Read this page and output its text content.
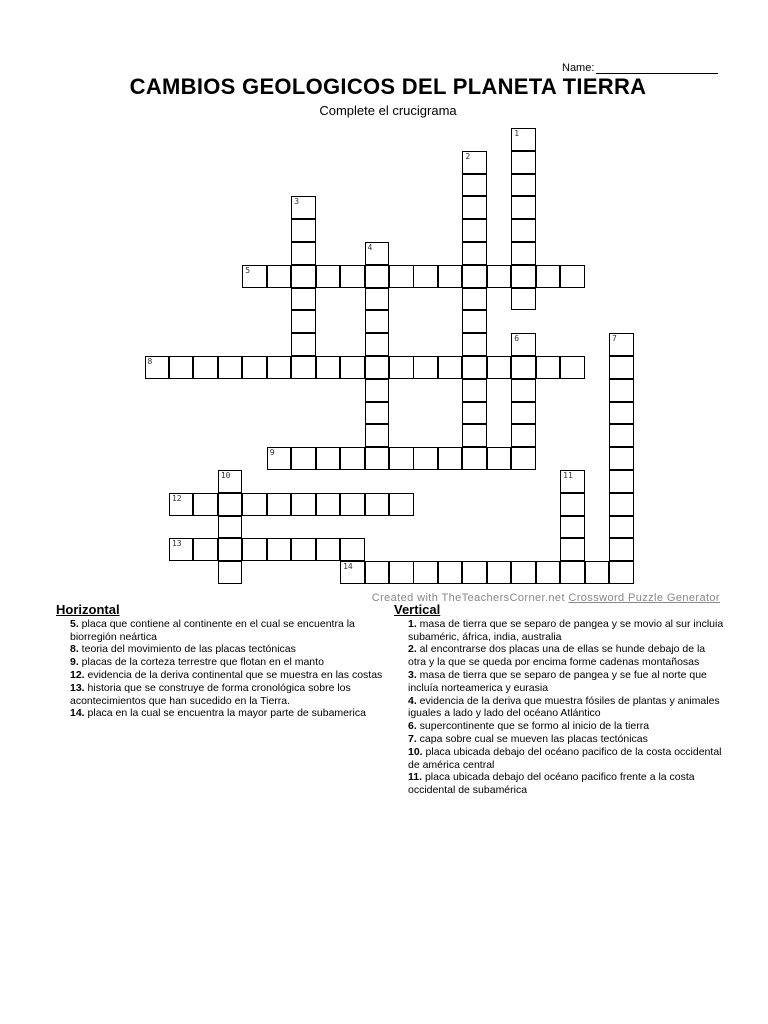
Name:
CAMBIOS GEOLOGICOS DEL PLANETA TIERRA
Complete el crucigrama
1
2
3
4
5
6	7
8
9
10	11
12
13
14
Created with TheTeachersCorner.net Crossword Puzzle Generator
Horizontal
5. placa que contiene al continente en el cual se encuentra la biorregión neártica
8. teoria del movimiento de las placas tectónicas
9. placas de la corteza terrestre que flotan en el manto
12. evidencia de la deriva continental que se muestra en las costas
13. historia que se construye de forma cronológica sobre los acontecimientos que han sucedido en la Tierra.
14. placa en la cual se encuentra la mayor parte de subamerica
Vertical
1. masa de tierra que se separo de pangea y se movio al sur incluia subaméric, áfrica, india, australia
2. al encontrarse dos placas una de ellas se hunde debajo de la otra y la que se queda por encima forme cadenas montañosas
3. masa de tierra que se separo de pangea y se fue al norte que incluía norteamerica y eurasia
4. evidencia de la deriva que muestra fósiles de plantas y animales iguales a lado y lado del océano Atlántico
6. supercontinente que se formo al inicio de la tierra
7. capa sobre cual se mueven las placas tectónicas
10. placa ubicada debajo del océano pacifico de la costa occidental de américa central
11. placa ubicada debajo del océano pacifico frente a la costa occidental de subamérica
